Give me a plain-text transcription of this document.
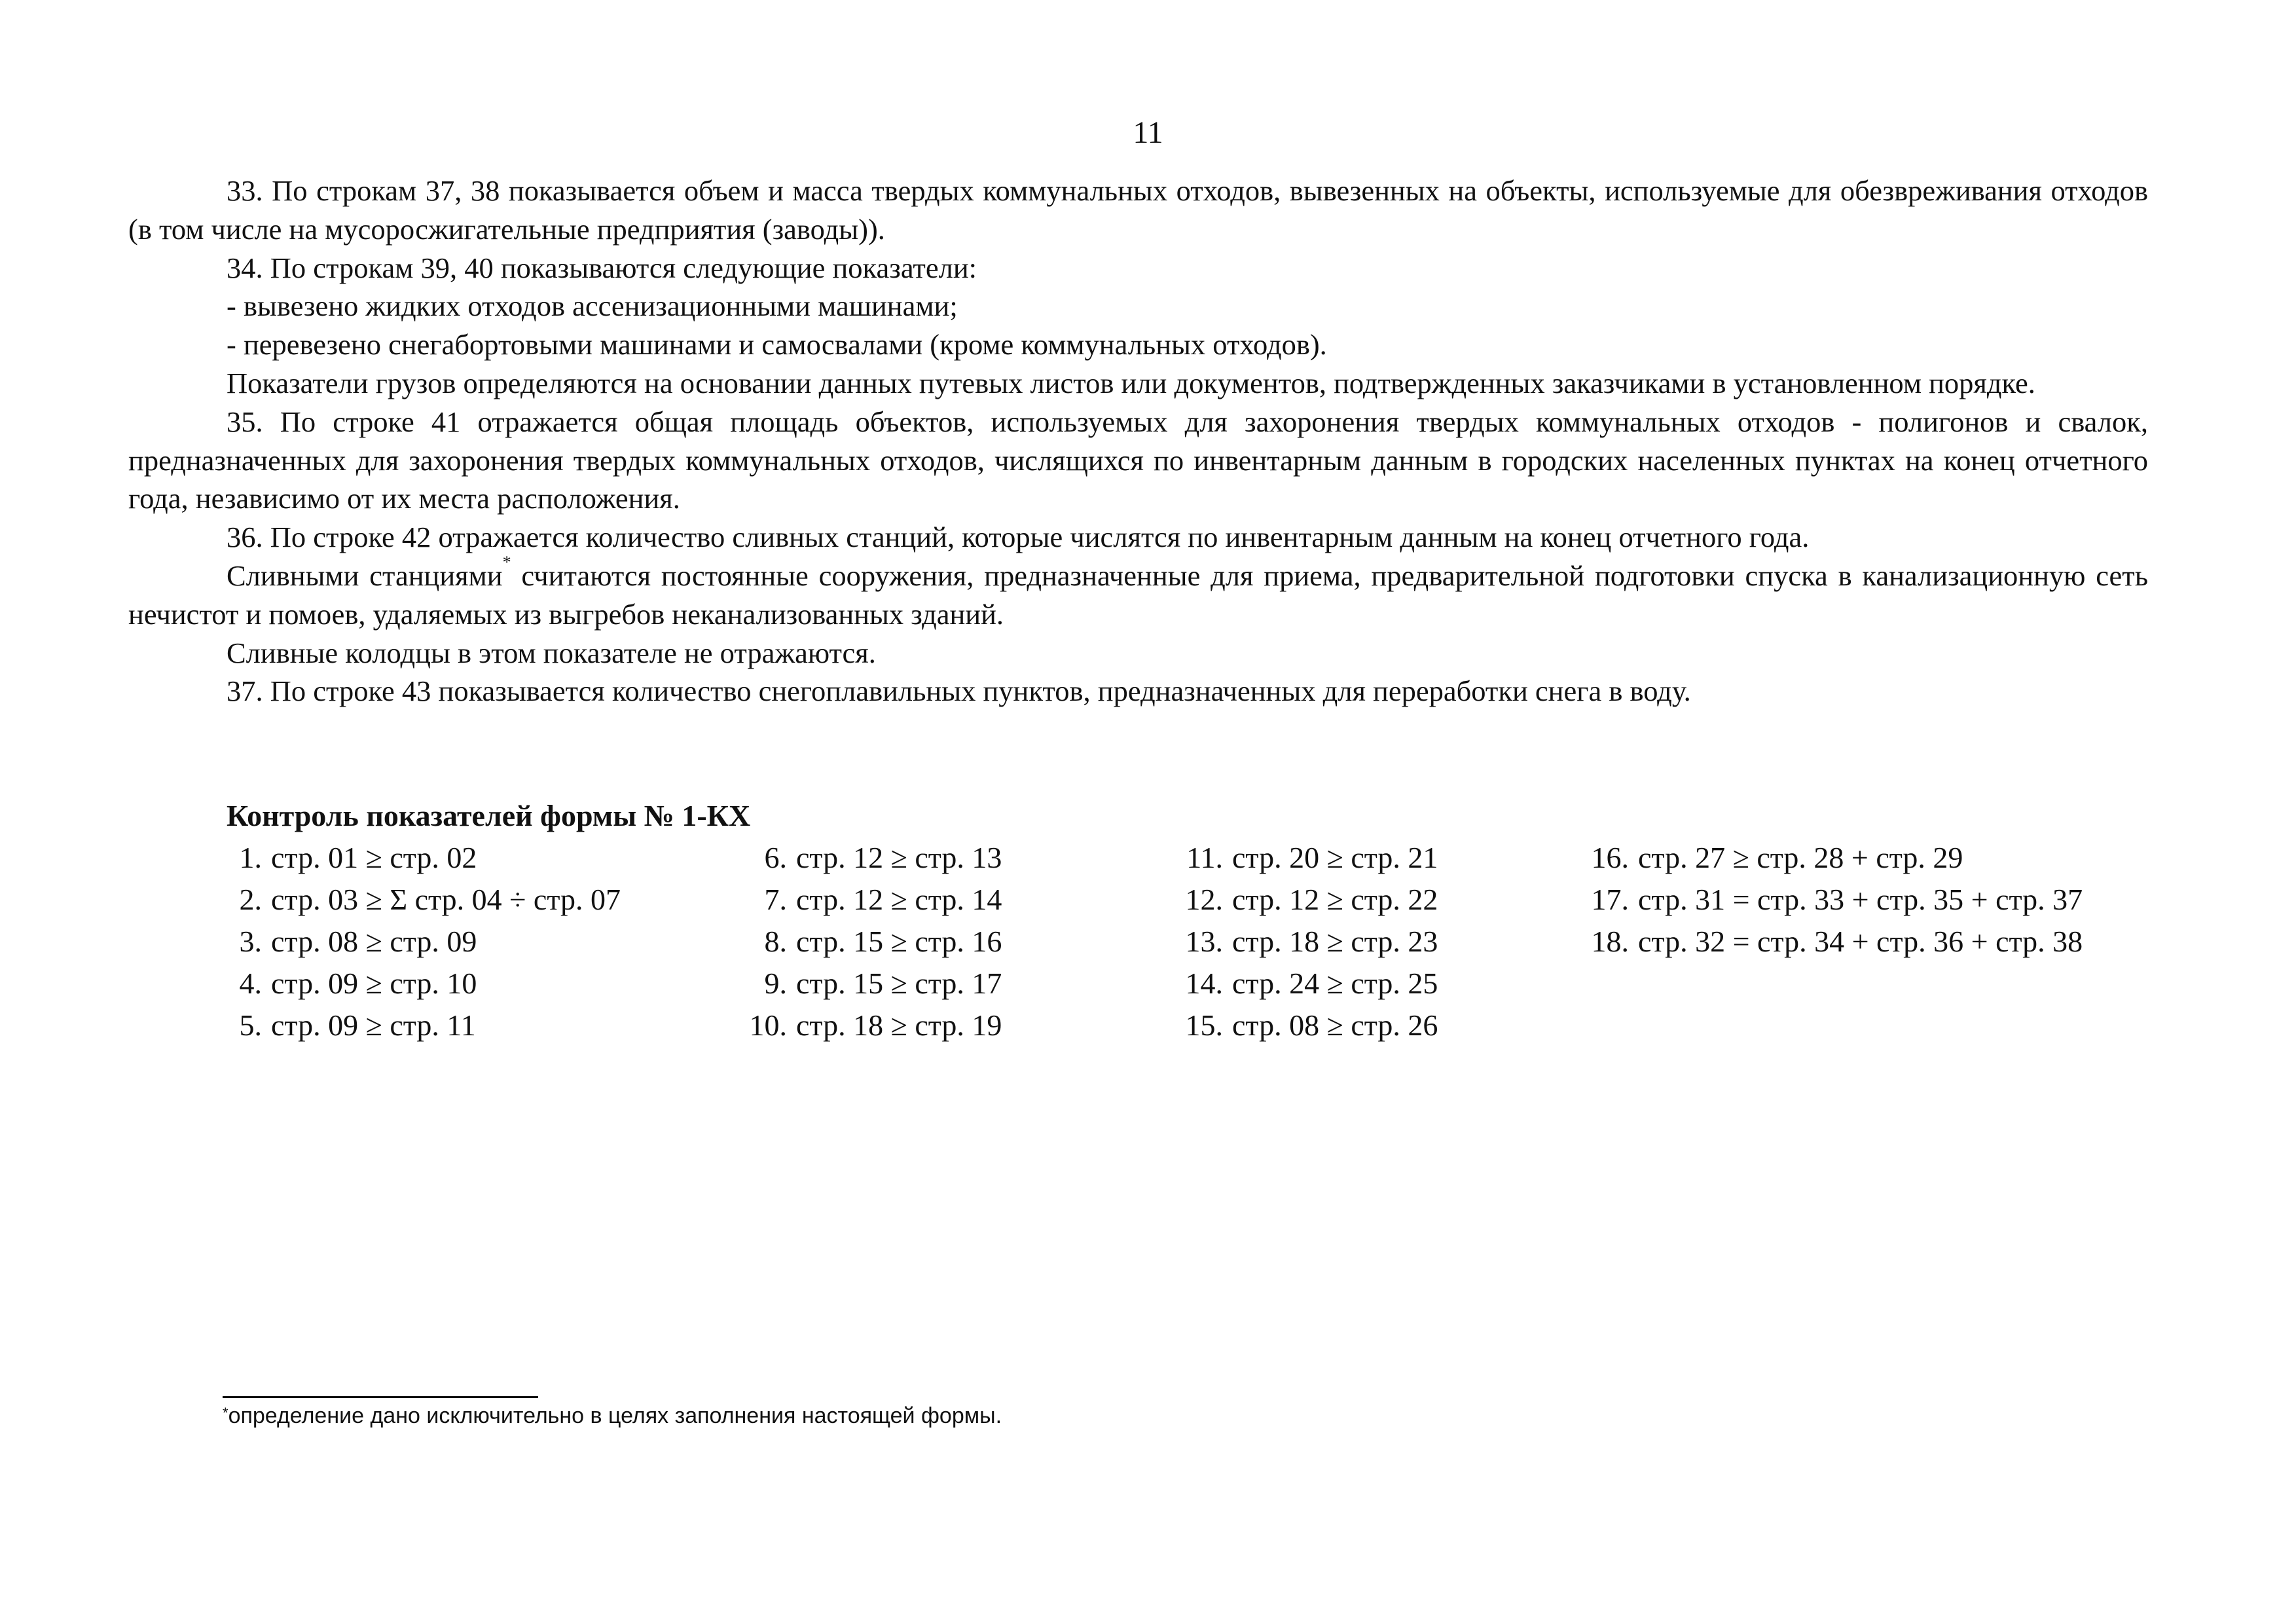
11

33. По строкам 37, 38 показывается объем и масса твердых коммунальных отходов, вывезенных на объекты, используемые для обезвреживания отходов (в том числе на мусоросжигательные предприятия (заводы)).

34. По строкам 39, 40 показываются следующие показатели:

- вывезено жидких отходов ассенизационными машинами;

- перевезено снегабортовыми машинами и самосвалами (кроме коммунальных отходов).

Показатели грузов определяются на основании данных путевых листов или документов, подтвержденных заказчиками в установленном порядке.

35. По строке 41 отражается общая площадь объектов, используемых для захоронения твердых коммунальных отходов - полигонов и свалок, предназначенных для захоронения твердых коммунальных отходов, числящихся по инвентарным данным в городских населенных пунктах на конец отчетного года, независимо от их места расположения.

36. По строке 42 отражается количество сливных станций, которые числятся по инвентарным данным на конец отчетного года.

Сливными станциями* считаются постоянные сооружения, предназначенные для приема, предварительной подготовки спуска в канализационную сеть нечистот и помоев, удаляемых из выгребов неканализованных зданий.

Сливные колодцы в этом показателе не отражаются.

37. По строке 43 показывается количество снегоплавильных пунктов, предназначенных для переработки снега в воду.

Контроль показателей формы № 1-КХ
1. стр. 01 ≥ стр. 02
2. стр. 03 ≥ Σ стр. 04 ÷ стр. 07
3. стр. 08 ≥ стр. 09
4. стр. 09 ≥ стр. 10
5. стр. 09 ≥ стр. 11
6. стр. 12 ≥ стр. 13
7. стр. 12 ≥ стр. 14
8. стр. 15 ≥ стр. 16
9. стр. 15 ≥ стр. 17
10. стр. 18 ≥ стр. 19
11. стр. 20 ≥ стр. 21
12. стр. 12 ≥ стр. 22
13. стр. 18 ≥ стр. 23
14. стр. 24 ≥ стр. 25
15. стр. 08 ≥ стр. 26
16. стр. 27 ≥ стр. 28 + стр. 29
17. стр. 31 = стр. 33 + стр. 35 + стр. 37
18. стр. 32 = стр. 34 + стр. 36 + стр. 38
*определение дано исключительно в целях заполнения настоящей формы.
